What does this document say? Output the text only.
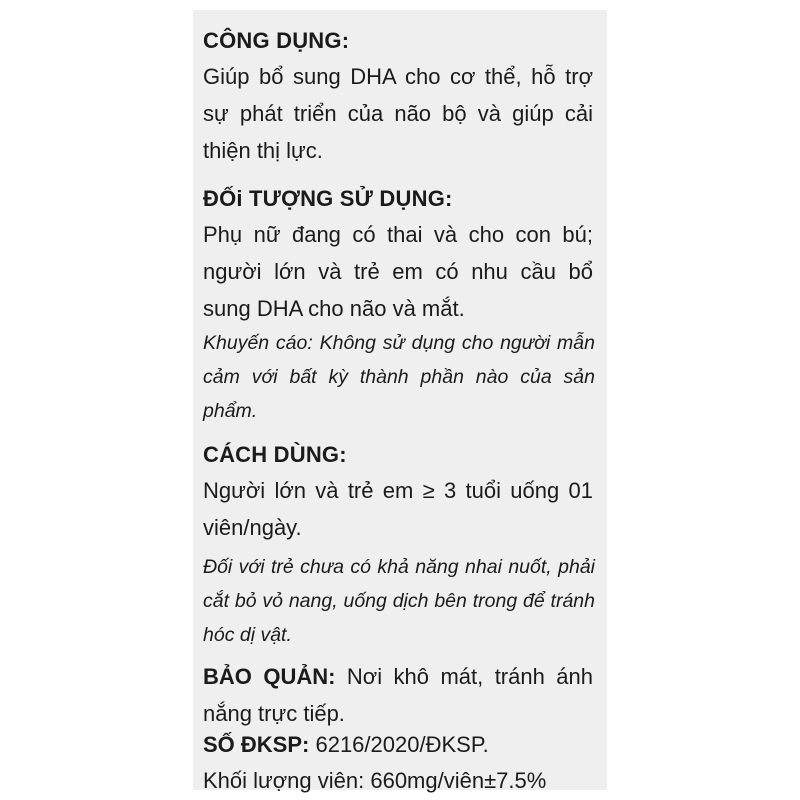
CÔNG DỤNG:

Giúp bổ sung DHA cho cơ thể, hỗ trợ sự phát triển của não bộ và giúp cải thiện thị lực.

ĐỐi TƯỢNG SỬ DỤNG:

Phụ nữ đang có thai và cho con bú; người lớn và trẻ em có nhu cầu bổ sung DHA cho não và mắt.

Khuyến cáo: Không sử dụng cho người mẫn cảm với bất kỳ thành phần nào của sản phẩm.

CÁCH DÙNG:

Người lớn và trẻ em ≥ 3 tuổi uống 01 viên/ngày.

Đối với trẻ chưa có khả năng nhai nuốt, phải cắt bỏ vỏ nang, uống dịch bên trong để tránh hóc dị vật.

BẢO QUẢN: Nơi khô mát, tránh ánh nắng trực tiếp.

SỐ ĐKSP: 6216/2020/ĐKSP.
Khối lượng viên: 660mg/viên±7.5%
